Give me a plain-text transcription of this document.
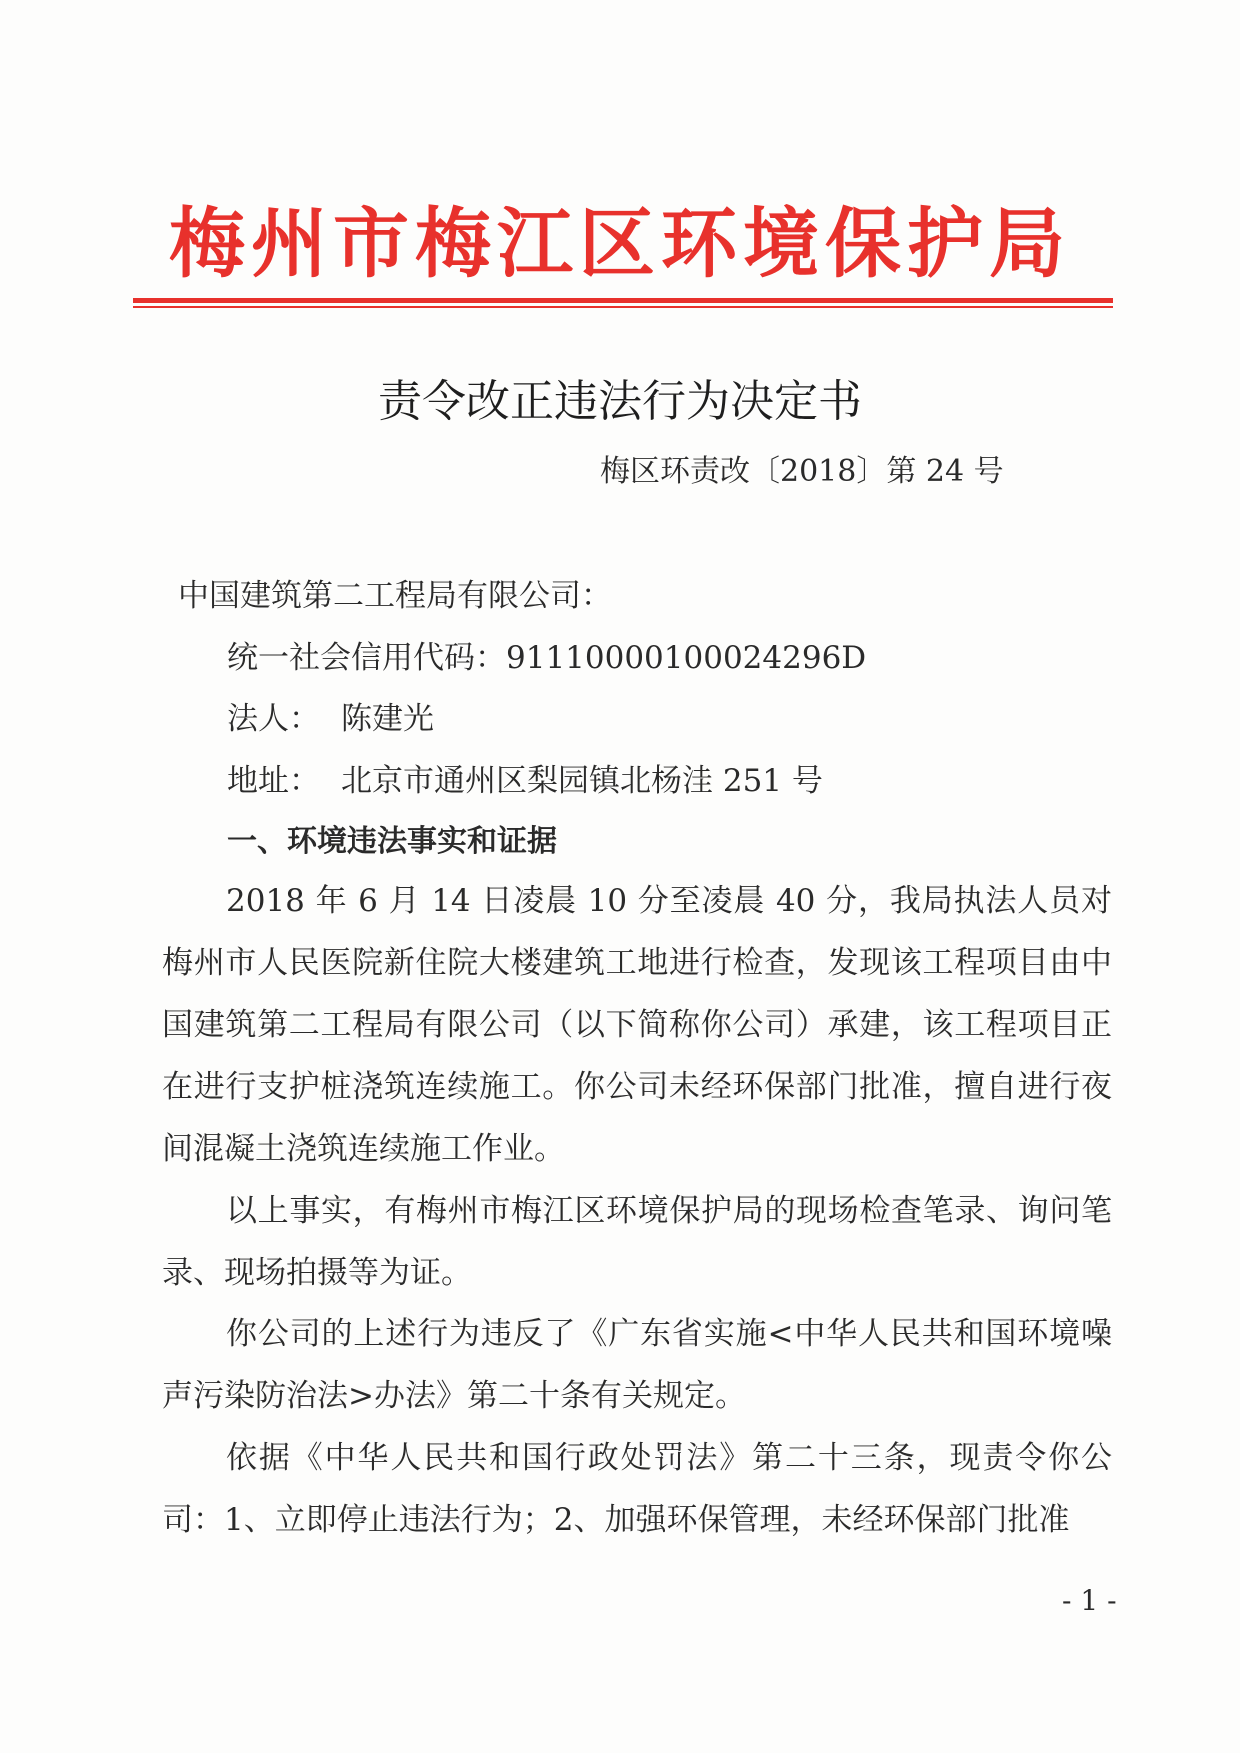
梅州市梅江区环境保护局
责令改正违法行为决定书
梅区环责改〔2018〕第 24 号
中国建筑第二工程局有限公司：
统一社会信用代码：91110000100024296D
法人： 陈建光
地址： 北京市通州区梨园镇北杨洼 251 号
一、环境违法事实和证据

2018 年 6 月 14 日凌晨 10 分至凌晨 40 分，我局执法人员对梅州市人民医院新住院大楼建筑工地进行检查，发现该工程项目由中国建筑第二工程局有限公司（以下简称你公司）承建，该工程项目正在进行支护桩浇筑连续施工。你公司未经环保部门批准，擅自进行夜间混凝土浇筑连续施工作业。

以上事实，有梅州市梅江区环境保护局的现场检查笔录、询问笔录、现场拍摄等为证。

你公司的上述行为违反了《广东省实施<中华人民共和国环境噪声污染防治法>办法》第二十条有关规定。

依据《中华人民共和国行政处罚法》第二十三条，现责令你公司：1、立即停止违法行为；2、加强环保管理，未经环保部门批准

- 1 -
